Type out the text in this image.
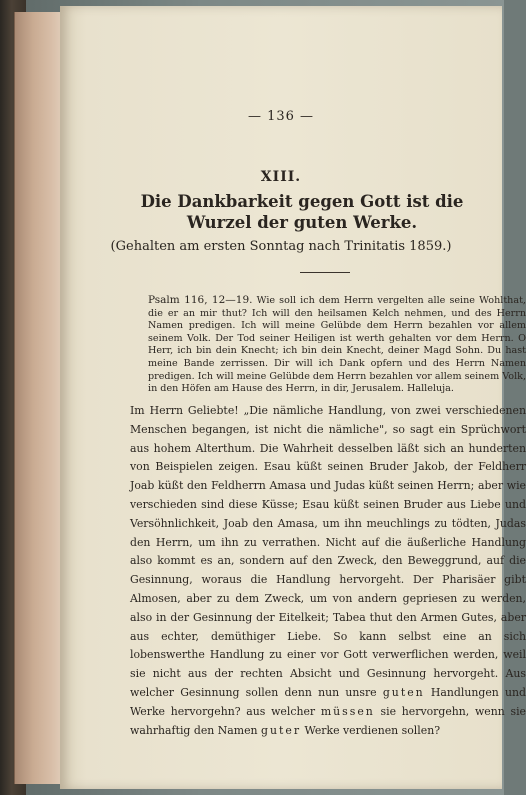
— 136 —
XIII.
Die Dankbarkeit gegen Gott ist die Wurzel der guten Werke.
(Gehalten am ersten Sonntag nach Trinitatis 1859.)
Psalm 116, 12—19. Wie soll ich dem Herrn vergelten alle seine Wohlthat, die er an mir thut? Ich will den heilsamen Kelch nehmen, und des Herrn Namen predigen. Ich will meine Gelübde dem Herrn bezahlen vor allem seinem Volk. Der Tod seiner Heiligen ist werth gehalten vor dem Herrn. O Herr, ich bin dein Knecht; ich bin dein Knecht, deiner Magd Sohn. Du hast meine Bande zerrissen. Dir will ich Dank opfern und des Herrn Namen predigen. Ich will meine Gelübde dem Herrn bezahlen vor allem seinem Volk, in den Höfen am Hause des Herrn, in dir, Jerusalem. Halleluja.
Im Herrn Geliebte! „Die nämliche Handlung, von zwei verschiedenen Menschen begangen, ist nicht die nämliche", so sagt ein Sprüchwort aus hohem Alterthum. Die Wahrheit desselben läßt sich an hunderten von Beispielen zeigen. Esau küßt seinen Bruder Jakob, der Feldherr Joab küßt den Feldherrn Amasa und Judas küßt seinen Herrn; aber wie verschieden sind diese Küsse; Esau küßt seinen Bruder aus Liebe und Versöhnlichkeit, Joab den Amasa, um ihn meuchlings zu tödten, Judas den Herrn, um ihn zu verrathen. Nicht auf die äußerliche Handlung also kommt es an, sondern auf den Zweck, den Beweggrund, auf die Gesinnung, woraus die Handlung hervorgeht. Der Pharisäer gibt Almosen, aber zu dem Zweck, um von andern gepriesen zu werden, also in der Gesinnung der Eitelkeit; Tabea thut den Armen Gutes, aber aus echter, demüthiger Liebe. So kann selbst eine an sich lobenswerthe Handlung zu einer vor Gott verwerflichen werden, weil sie nicht aus der rechten Absicht und Gesinnung hervorgeht. Aus welcher Gesinnung sollen denn nun unsre guten Handlungen und Werke hervorgehn? aus welcher müssen sie hervorgehn, wenn sie wahrhaftig den Namen guter Werke verdienen sollen?
